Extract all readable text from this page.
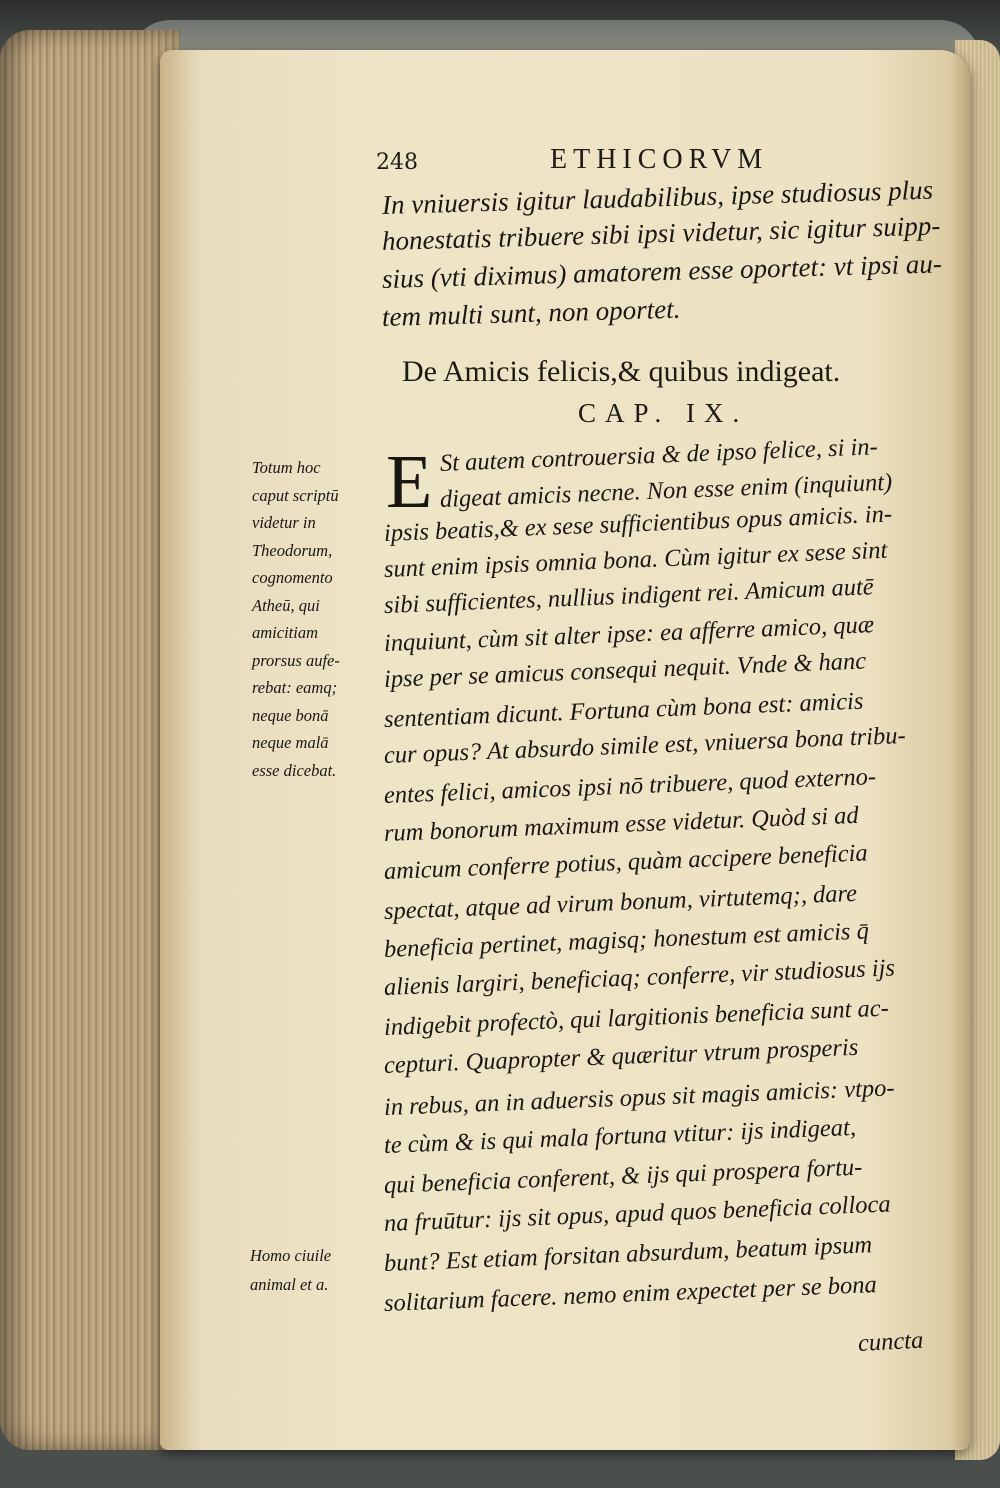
248	ETHICORVM
In vniuersis igitur laudabilibus, ipse studiosus plus
honestatis tribuere sibi ipsi videtur, sic igitur suipp-
sius (vti diximus) amatorem esse oportet: vt ipsi au-
tem multi sunt, non oportet.
De Amicis felicis,& quibus indigeat.
CAP. IX.
E St autem controuersia & de ipso felice, si in-
digeat amicis necne. Non esse enim (inquiunt)
ipsis beatis,& ex sese sufficientibus opus amicis. in-
sunt enim ipsis omnia bona. Cùm igitur ex sese sint
sibi sufficientes, nullius indigent rei. Amicum autē
inquiunt, cùm sit alter ipse: ea afferre amico, quæ
ipse per se amicus consequi nequit. Vnde & hanc
sententiam dicunt. Fortuna cùm bona est: amicis
cur opus? At absurdo simile est, vniuersa bona tribu-
entes felici, amicos ipsi nō tribuere, quod externo-
rum bonorum maximum esse videtur. Quòd si ad
amicum conferre potius, quàm accipere beneficia
spectat, atque ad virum bonum, virtutemq;, dare
beneficia pertinet, magisq; honestum est amicis q̄
alienis largiri, beneficiaq; conferre, vir studiosus ijs
indigebit profectò, qui largitionis beneficia sunt ac-
cepturi. Quapropter & quæritur vtrum prosperis
in rebus, an in aduersis opus sit magis amicis: vtpo-
te cùm & is qui mala fortuna vtitur: ijs indigeat,
qui beneficia conferent, & ijs qui prospera fortu-
na fruūtur: ijs sit opus, apud quos beneficia colloca
bunt? Est etiam forsitan absurdum, beatum ipsum
solitarium facere. nemo enim expectet per se bona
Totum hoc
caput scriptū
videtur in
Theodorum,
cognomento
Atheū, qui
amicitiam
prorsus aufe-
rebat: eamq;
neque bonā
neque malā
esse dicebat.
Homo ciuile
animal et a.
cuncta
